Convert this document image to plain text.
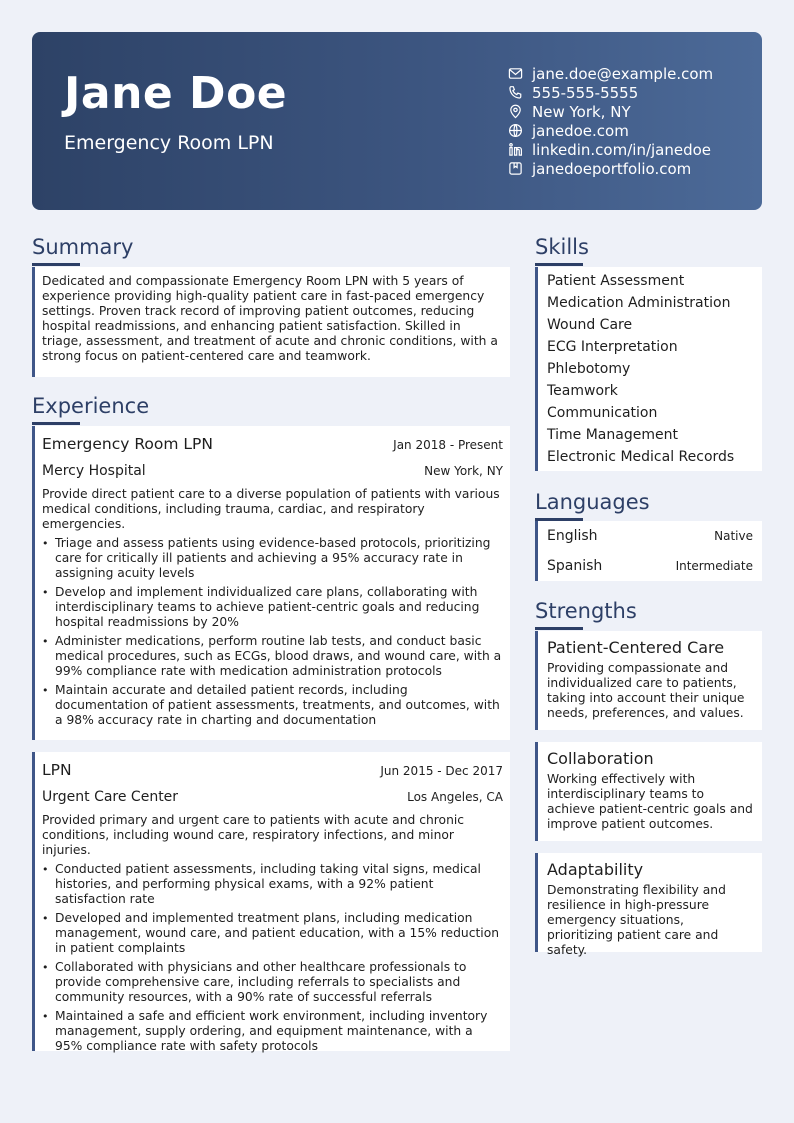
Jane Doe
Emergency Room LPN
jane.doe@example.com
555-555-5555
New York, NY
janedoe.com
linkedin.com/in/janedoe
janedoeportfolio.com
Summary

Dedicated and compassionate Emergency Room LPN with 5 years of experience providing high-quality patient care in fast-paced emergency settings. Proven track record of improving patient outcomes, reducing hospital readmissions, and enhancing patient satisfaction. Skilled in triage, assessment, and treatment of acute and chronic conditions, with a strong focus on patient-centered care and teamwork.

Experience
Emergency Room LPN	Jan 2018 - Present
Mercy Hospital	New York, NY

Provide direct patient care to a diverse population of patients with various medical conditions, including trauma, cardiac, and respiratory emergencies.

• Triage and assess patients using evidence-based protocols, prioritizing care for critically ill patients and achieving a 95% accuracy rate in assigning acuity levels
• Develop and implement individualized care plans, collaborating with interdisciplinary teams to achieve patient-centric goals and reducing hospital readmissions by 20%
• Administer medications, perform routine lab tests, and conduct basic medical procedures, such as ECGs, blood draws, and wound care, with a 99% compliance rate with medication administration protocols
• Maintain accurate and detailed patient records, including documentation of patient assessments, treatments, and outcomes, with a 98% accuracy rate in charting and documentation
LPN	Jun 2015 - Dec 2017
Urgent Care Center	Los Angeles, CA

Provided primary and urgent care to patients with acute and chronic conditions, including wound care, respiratory infections, and minor injuries.

• Conducted patient assessments, including taking vital signs, medical histories, and performing physical exams, with a 92% patient satisfaction rate
• Developed and implemented treatment plans, including medication management, wound care, and patient education, with a 15% reduction in patient complaints
• Collaborated with physicians and other healthcare professionals to provide comprehensive care, including referrals to specialists and community resources, with a 90% rate of successful referrals
• Maintained a safe and efficient work environment, including inventory management, supply ordering, and equipment maintenance, with a 95% compliance rate with safety protocols
Skills
Patient Assessment
Medication Administration
Wound Care
ECG Interpretation
Phlebotomy
Teamwork
Communication
Time Management
Electronic Medical Records
Languages
English	Native
Spanish	Intermediate
Strengths
Patient-Centered Care

Providing compassionate and individualized care to patients, taking into account their unique needs, preferences, and values.

Collaboration

Working effectively with interdisciplinary teams to achieve patient-centric goals and improve patient outcomes.

Adaptability

Demonstrating flexibility and resilience in high-pressure emergency situations, prioritizing patient care and safety.
